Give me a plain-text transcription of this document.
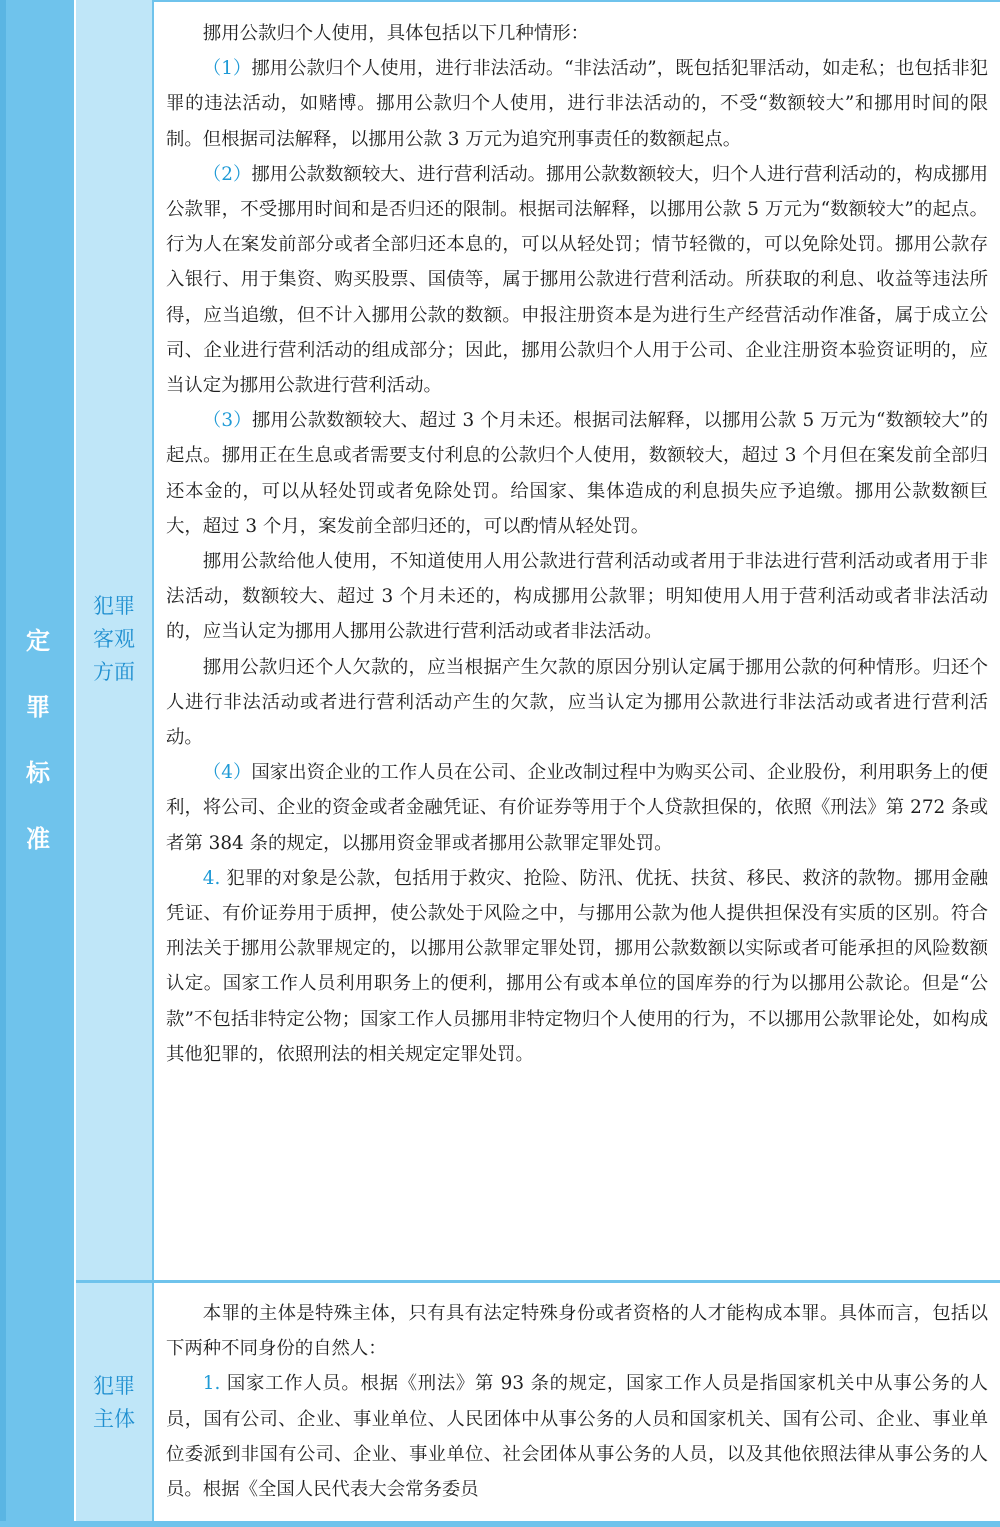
定
罪
标
准
犯罪
客观
方面
犯罪
主体

挪用公款归个人使用，具体包括以下几种情形：

（1）挪用公款归个人使用，进行非法活动。“非法活动”，既包括犯罪活动，如走私；也包括非犯罪的违法活动，如赌博。挪用公款归个人使用，进行非法活动的，不受“数额较大”和挪用时间的限制。但根据司法解释，以挪用公款 3 万元为追究刑事责任的数额起点。

（2）挪用公款数额较大、进行营利活动。挪用公款数额较大，归个人进行营利活动的，构成挪用公款罪，不受挪用时间和是否归还的限制。根据司法解释，以挪用公款 5 万元为“数额较大”的起点。行为人在案发前部分或者全部归还本息的，可以从轻处罚；情节轻微的，可以免除处罚。挪用公款存入银行、用于集资、购买股票、国债等，属于挪用公款进行营利活动。所获取的利息、收益等违法所得，应当追缴，但不计入挪用公款的数额。申报注册资本是为进行生产经营活动作准备，属于成立公司、企业进行营利活动的组成部分；因此，挪用公款归个人用于公司、企业注册资本验资证明的，应当认定为挪用公款进行营利活动。

（3）挪用公款数额较大、超过 3 个月未还。根据司法解释，以挪用公款 5 万元为“数额较大”的起点。挪用正在生息或者需要支付利息的公款归个人使用，数额较大，超过 3 个月但在案发前全部归还本金的，可以从轻处罚或者免除处罚。给国家、集体造成的利息损失应予追缴。挪用公款数额巨大，超过 3 个月，案发前全部归还的，可以酌情从轻处罚。

挪用公款给他人使用，不知道使用人用公款进行营利活动或者用于非法进行营利活动或者用于非法活动，数额较大、超过 3 个月未还的，构成挪用公款罪；明知使用人用于营利活动或者非法活动的，应当认定为挪用人挪用公款进行营利活动或者非法活动。

挪用公款归还个人欠款的，应当根据产生欠款的原因分别认定属于挪用公款的何种情形。归还个人进行非法活动或者进行营利活动产生的欠款，应当认定为挪用公款进行非法活动或者进行营利活动。

（4）国家出资企业的工作人员在公司、企业改制过程中为购买公司、企业股份，利用职务上的便利，将公司、企业的资金或者金融凭证、有价证券等用于个人贷款担保的，依照《刑法》第 272 条或者第 384 条的规定，以挪用资金罪或者挪用公款罪定罪处罚。

4. 犯罪的对象是公款，包括用于救灾、抢险、防汛、优抚、扶贫、移民、救济的款物。挪用金融凭证、有价证券用于质押，使公款处于风险之中，与挪用公款为他人提供担保没有实质的区别。符合刑法关于挪用公款罪规定的，以挪用公款罪定罪处罚，挪用公款数额以实际或者可能承担的风险数额认定。国家工作人员利用职务上的便利，挪用公有或本单位的国库券的行为以挪用公款论。但是“公款”不包括非特定公物；国家工作人员挪用非特定物归个人使用的行为，不以挪用公款罪论处，如构成其他犯罪的，依照刑法的相关规定定罪处罚。

本罪的主体是特殊主体，只有具有法定特殊身份或者资格的人才能构成本罪。具体而言，包括以下两种不同身份的自然人：

1. 国家工作人员。根据《刑法》第 93 条的规定，国家工作人员是指国家机关中从事公务的人员，国有公司、企业、事业单位、人民团体中从事公务的人员和国家机关、国有公司、企业、事业单位委派到非国有公司、企业、事业单位、社会团体从事公务的人员，以及其他依照法律从事公务的人员。根据《全国人民代表大会常务委员
